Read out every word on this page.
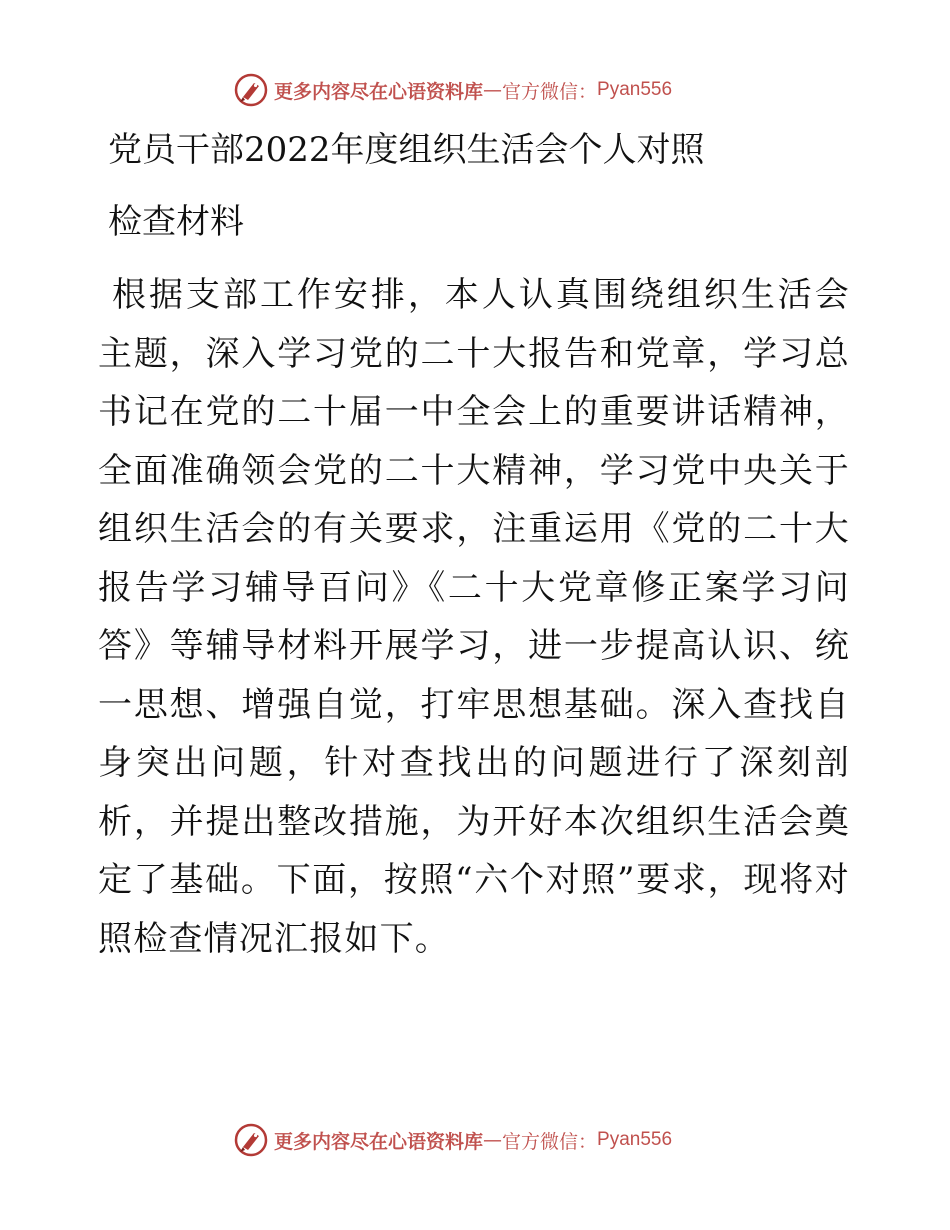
更多内容尽在心语资料库 — 官方微信： Pyan556
党员干部2022年度组织生活会个人对照
检查材料

根据支部工作安排，本人认真围绕组织生活会主题，深入学习党的二十大报告和党章，学习总书记在党的二十届一中全会上的重要讲话精神，全面准确领会党的二十大精神，学习党中央关于组织生活会的有关要求，注重运用《党的二十大报告学习辅导百问》《二十大党章修正案学习问答》等辅导材料开展学习，进一步提高认识、统一思想、增强自觉，打牢思想基础。深入查找自身突出问题，针对查找出的问题进行了深刻剖析，并提出整改措施，为开好本次组织生活会奠定了基础。下面，按照“六个对照”要求，现将对照检查情况汇报如下。

更多内容尽在心语资料库 — 官方微信： Pyan556
